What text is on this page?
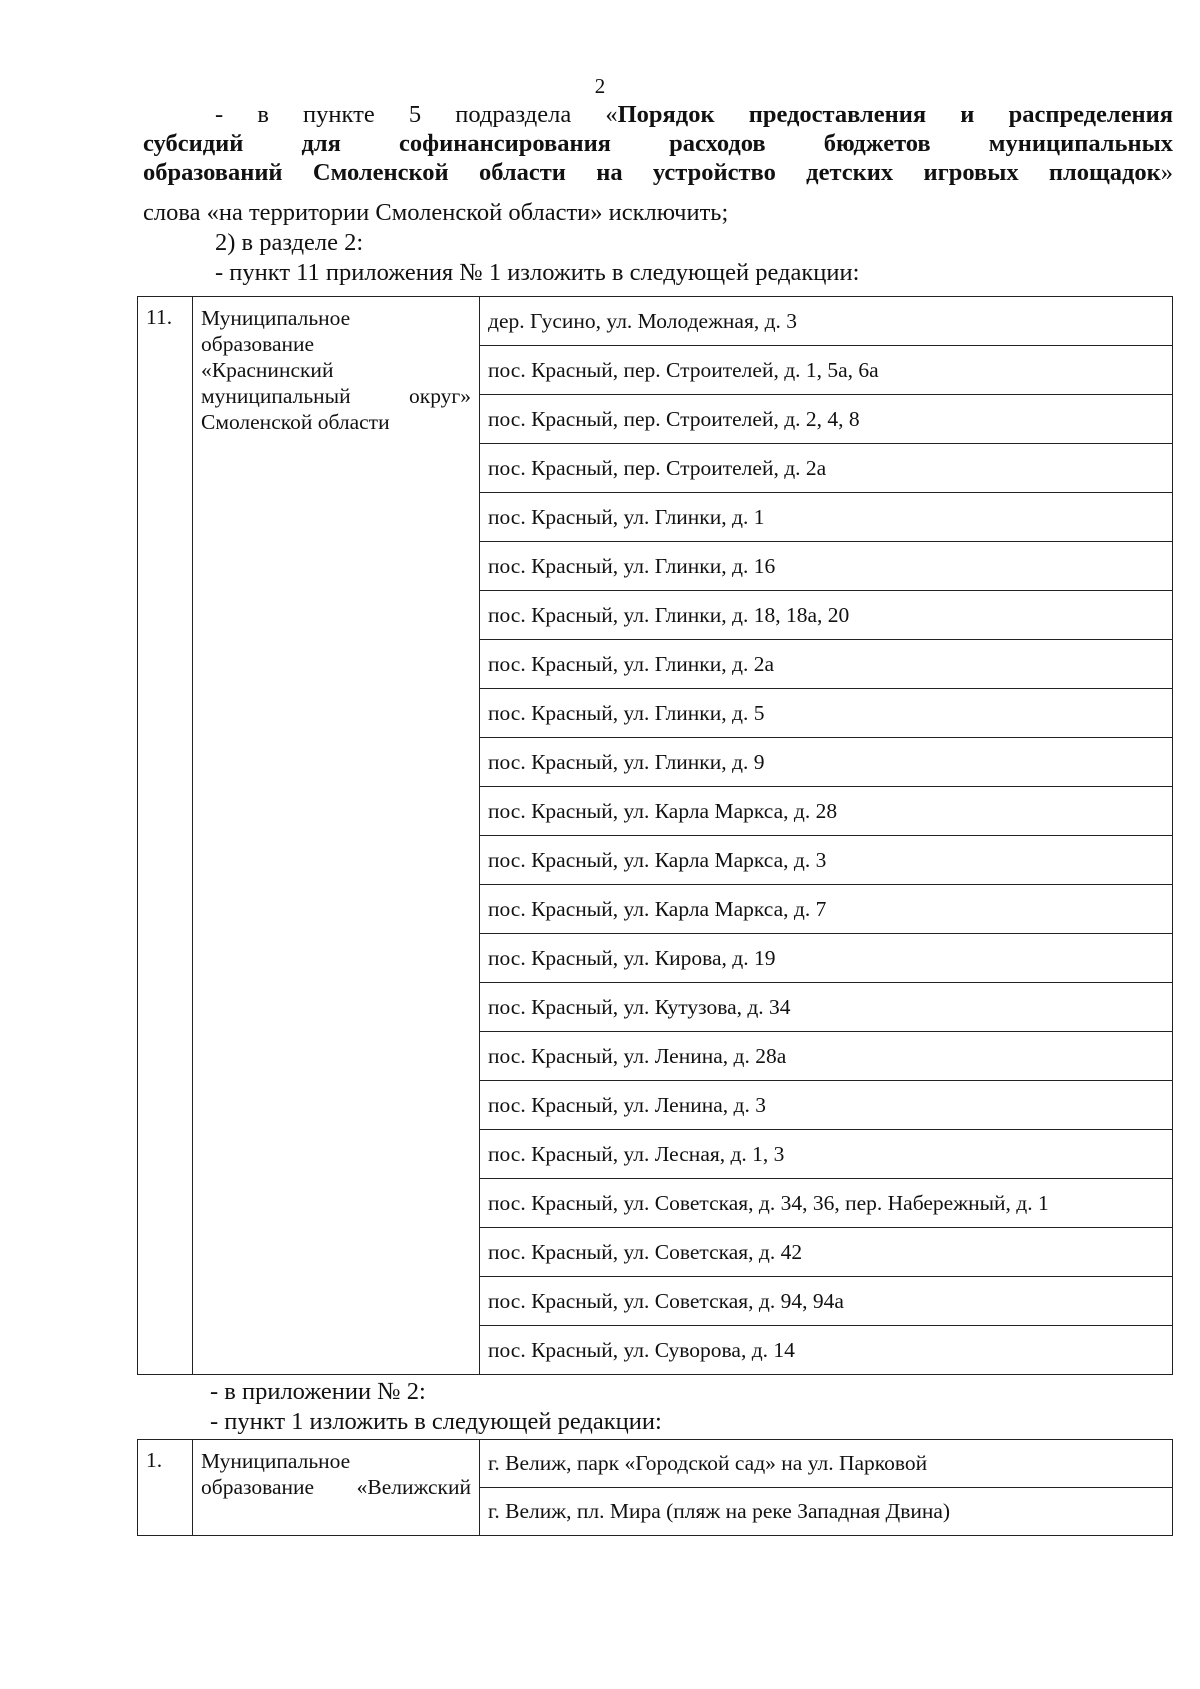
2
- в пункте 5 подраздела «Порядок предоставления и распределения
субсидий для софинансирования расходов бюджетов муниципальных
образований Смоленской области на устройство детских игровых площадок»
слова «на территории Смоленской области» исключить;
2) в разделе 2:
- пункт 11 приложения № 1 изложить в следующей редакции:
11.	Муниципальное
образование
«Краснинский
муниципальный	округ»
Смоленской области
	дер. Гусино, ул. Молодежная, д. 3
пос. Красный, пер. Строителей, д. 1, 5а, 6а
пос. Красный, пер. Строителей, д. 2, 4, 8
пос. Красный, пер. Строителей, д. 2а
пос. Красный, ул. Глинки, д. 1
пос. Красный, ул. Глинки, д. 16
пос. Красный, ул. Глинки, д. 18, 18а, 20
пос. Красный, ул. Глинки, д. 2а
пос. Красный, ул. Глинки, д. 5
пос. Красный, ул. Глинки, д. 9
пос. Красный, ул. Карла Маркса, д. 28
пос. Красный, ул. Карла Маркса, д. 3
пос. Красный, ул. Карла Маркса, д. 7
пос. Красный, ул. Кирова, д. 19
пос. Красный, ул. Кутузова, д. 34
пос. Красный, ул. Ленина, д. 28а
пос. Красный, ул. Ленина, д. 3
пос. Красный, ул. Лесная, д. 1, 3
пос. Красный, ул. Советская, д. 34, 36, пер. Набережный, д. 1
пос. Красный, ул. Советская, д. 42
пос. Красный, ул. Советская, д. 94, 94а
пос. Красный, ул. Суворова, д. 14
- в приложении № 2:
- пункт 1 изложить в следующей редакции:
1.	Муниципальное
образование «Велижский
	г. Велиж, парк «Городской сад» на ул. Парковой
г. Велиж, пл. Мира (пляж на реке Западная Двина)
